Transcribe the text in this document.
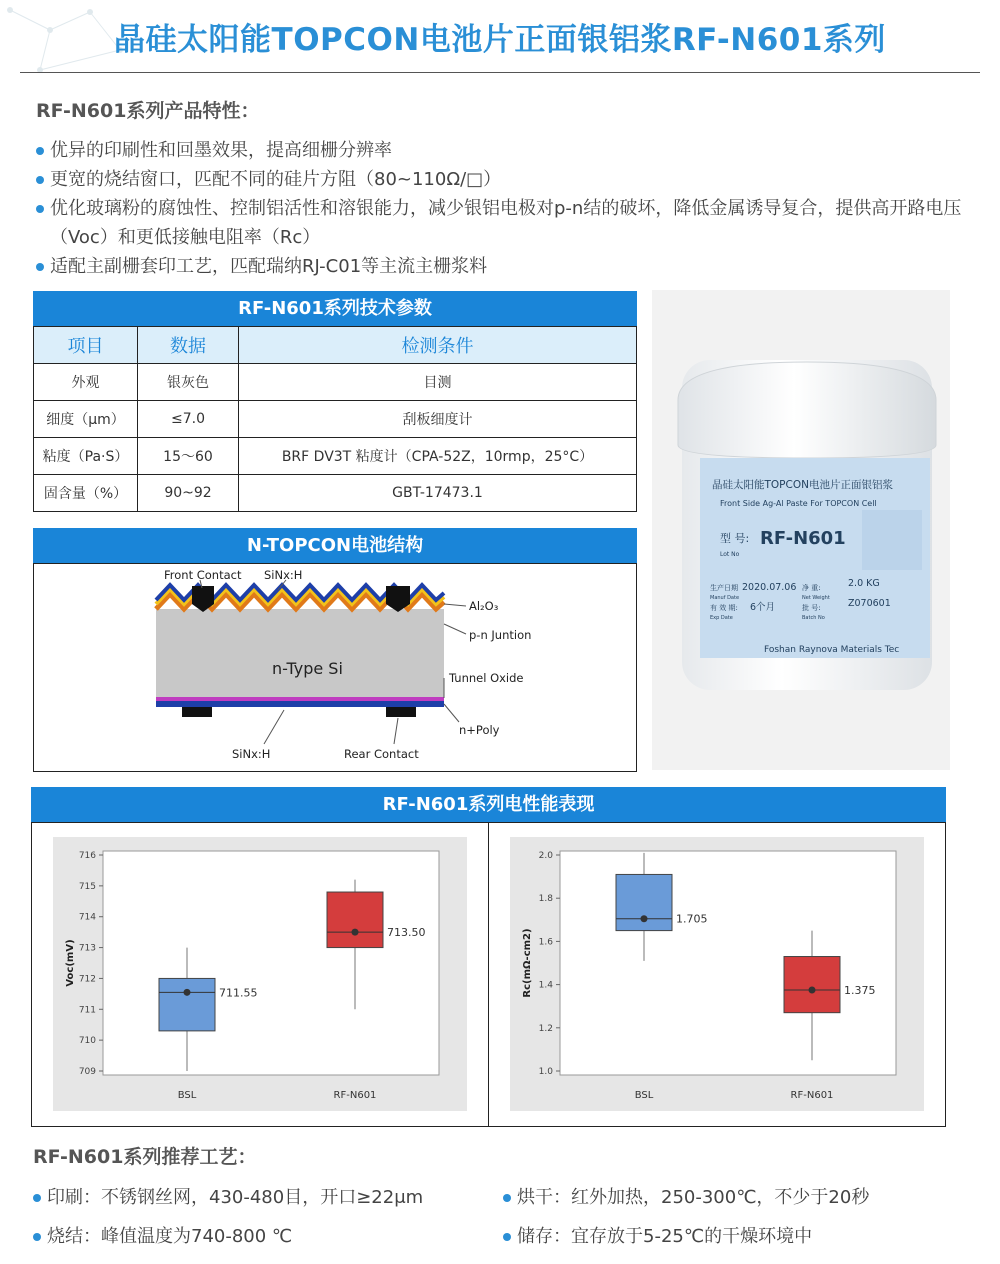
晶硅太阳能TOPCON电池片正面银铝浆RF-N601系列
RF-N601系列产品特性：
优异的印刷性和回墨效果，提高细栅分辨率
更宽的烧结窗口，匹配不同的硅片方阻（80~110Ω/□）
优化玻璃粉的腐蚀性、控制铝活性和溶银能力，减少银铝电极对p-n结的破坏，降低金属诱导复合，提供高开路电压（Voc）和更低接触电阻率（Rc）
适配主副栅套印工艺，匹配瑞纳RJ-C01等主流主栅浆料
RF-N601系列技术参数
项目	数据	检测条件
外观	银灰色	目测
细度（μm）	≤7.0	刮板细度计
粘度（Pa·S）	15～60	BRF DV3T 粘度计（CPA-52Z，10rmp，25°C）
固含量（%）	90~92	GBT-17473.1
N-TOPCON电池结构
Front Contact SiNx:H
Al₂O₃
p-n Juntion
Tunnel Oxide
n+Poly
SiNx:H	Rear Contact
n-Type Si
晶硅太阳能TOPCON电池片正面银铝浆
Front Side Ag-Al Paste For TOPCON Cell
型 号:
Lot No
RF-N601
生产日期
Manuf Date
2020.07.06 净 重:
Net Weight
2.0 KG
有 效 期:
Exp Date
6个月	批 号:
Batch No
Z070601
Foshan Raynova Materials Tec
RF-N601系列电性能表现
709
710
711
712
713
714
715
716
Voc(mV)
711.55
BSL
713.50
RF-N601
1.0
1.2
1.4
1.6
1.8
2.0
Rc(mΩ-cm2)
1.705
BSL
1.375
RF-N601
RF-N601系列推荐工艺：
印刷：不锈钢丝网，430-480目，开口≥22μm	烘干：红外加热，250-300℃，不少于20秒
烧结：峰值温度为740-800 ℃	储存：宜存放于5-25℃的干燥环境中
